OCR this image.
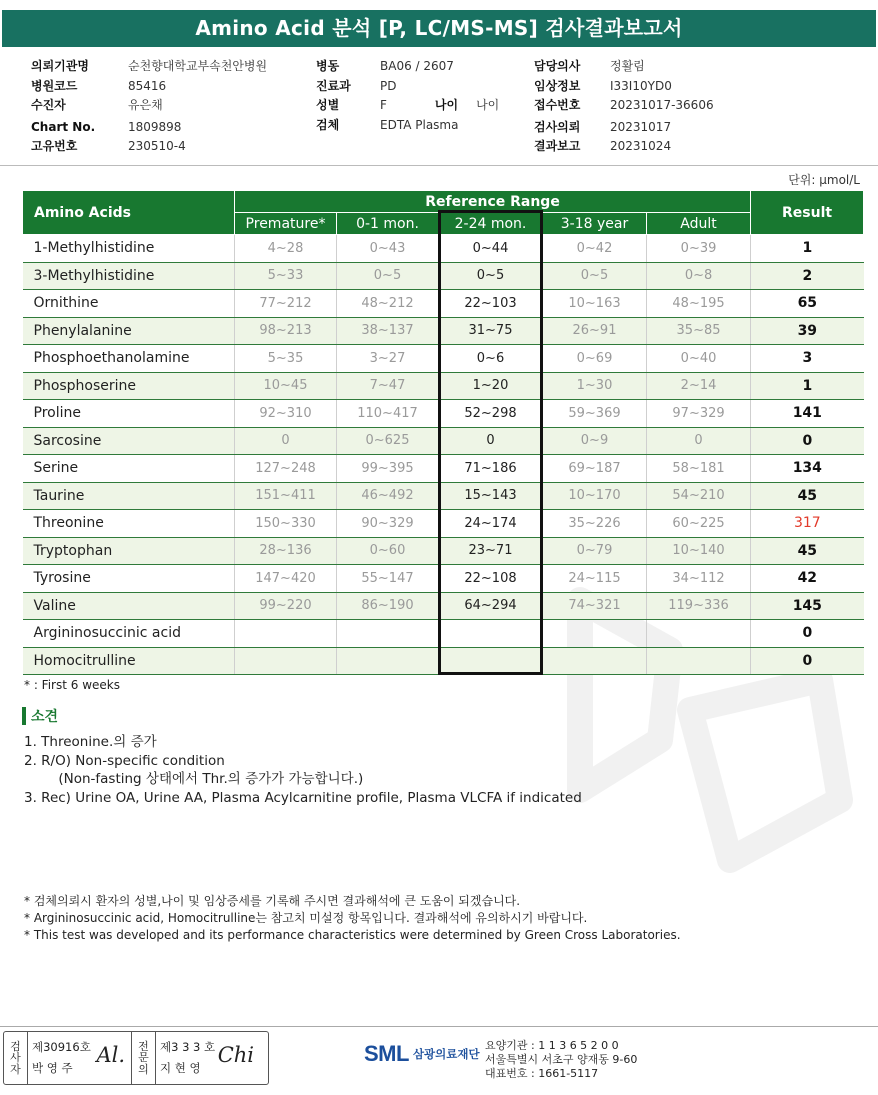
Amino Acid 분석 [P, LC/MS-MS] 검사결과보고서
의뢰기관명	순천향대학교부속천안병원
병원코드	85416
수진자	유은채
Chart No.	1809898
고유번호	230510-4
병동	BA06 / 2607
진료과	PD
성별	F	나이 나이
검체	EDTA Plasma
담당의사	정활림
임상정보	I33I10YD0
접수번호	20231017-36606
검사의뢰	20231017
결과보고	20231024
단위: μmol/L
Amino Acids	Reference Range					Result
	Premature*	0-1 mon.	2-24 mon.	3-18 year	Adult	
1-Methylhistidine	4~28	0~43	0~44	0~42	0~39	1
3-Methylhistidine	5~33	0~5	0~5	0~5	0~8	2
Ornithine	77~212	48~212	22~103	10~163	48~195	65
Phenylalanine	98~213	38~137	31~75	26~91	35~85	39
Phosphoethanolamine	5~35	3~27	0~6	0~69	0~40	3
Phosphoserine	10~45	7~47	1~20	1~30	2~14	1
Proline	92~310	110~417	52~298	59~369	97~329	141
Sarcosine	0	0~625	0	0~9	0	0
Serine	127~248	99~395	71~186	69~187	58~181	134
Taurine	151~411	46~492	15~143	10~170	54~210	45
Threonine	150~330	90~329	24~174	35~226	60~225	317
Tryptophan	28~136	0~60	23~71	0~79	10~140	45
Tyrosine	147~420	55~147	22~108	24~115	34~112	42
Valine	99~220	86~190	64~294	74~321	119~336	145
Argininosuccinic acid						0
Homocitrulline						0
* : First 6 weeks
소견
1. Threonine.의 증가
2. R/O) Non-specific condition
(Non-fasting 상태에서 Thr.의 증가가 가능합니다.)
3. Rec) Urine OA, Urine AA, Plasma Acylcarnitine profile, Plasma VLCFA if indicated
* 검체의뢰시 환자의 성별,나이 및 임상증세를 기록해 주시면 결과해석에 큰 도움이 되겠습니다.
* Argininosuccinic acid, Homocitrulline는 참고치 미설정 항목입니다. 결과해석에 유의하시기 바랍니다.
* This test was developed and its performance characteristics were determined by Green Cross Laboratories.
검
사
자
제30916호
박 영 주
Al.	전
문
의
제3 3 3 호
지 현 영
Chi	SML 삼광의료재단
요양기관 : 1 1 3 6 5 2 0 0
서울특별시 서초구 양재동 9-60
대표번호 : 1661-5117
